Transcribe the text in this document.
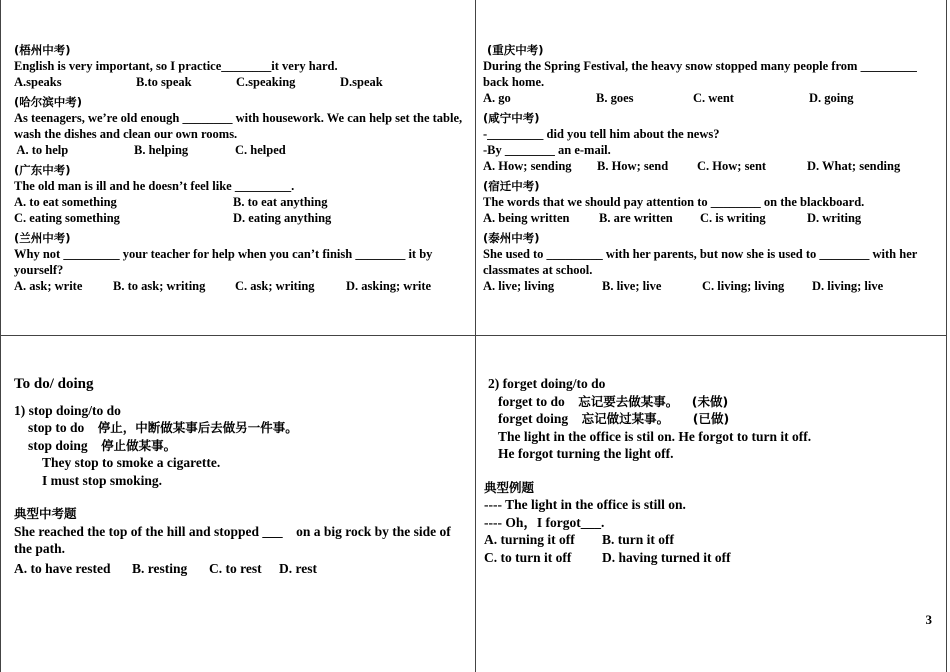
(梧州中考)

English is very important, so I practice________it very hard.

A.speaks	B.to speak	C.speaking	D.speak
(哈尔滨中考)

As teenagers, we’re old enough ________ with housework. We can help set the table, wash the dishes and clean our own rooms.

A. to help	B. helping	C. helped
(广东中考)

The old man is ill and he doesn’t feel like _________.

A. to eat something	B. to eat anything
C. eating something	D. eating anything
(兰州中考)

Why not _________ your teacher for help when you can’t finish ________ it by yourself?

A. ask; write	B. to ask; writing	C. ask; writing	D. asking; write
(重庆中考)

During the Spring Festival, the heavy snow stopped many people from _________ back home.

A. go	B. goes	C. went	D. going
(咸宁中考)

-_________ did you tell him about the news?

-By ________ an e-mail.

A. How; sending	B. How; send	C. How; sent	D. What; sending
(宿迁中考)

The words that we should pay attention to ________ on the blackboard.

A. being written	B. are written	C. is writing	D. writing
(泰州中考)

She used to _________ with her parents, but now she is used to ________ with her classmates at school.

A. live; living	B. live; live	C. living; living	D. living; live
To do/ doing

1) stop doing/to do

stop to do 停止，中断做某事后去做另一件事。

stop doing 停止做某事。

They stop to smoke a cigarette.

I must stop smoking.

典型中考题

She reached the top of the hill and stopped ___    on a big rock by the side of the path.

A. to have rested	B. resting	C. to rest	D. rest

2) forget doing/to do

forget to do 忘记要去做某事。 (未做)

forget doing 忘记做过某事。 (已做)

The light in the office is stil on. He forgot to turn it off.

He forgot turning the light off.

典型例题

---- The light in the office is still on.

---- Oh，I forgot___.

A. turning it off	B. turn it off
C. to turn it off	D. having turned it off
3
